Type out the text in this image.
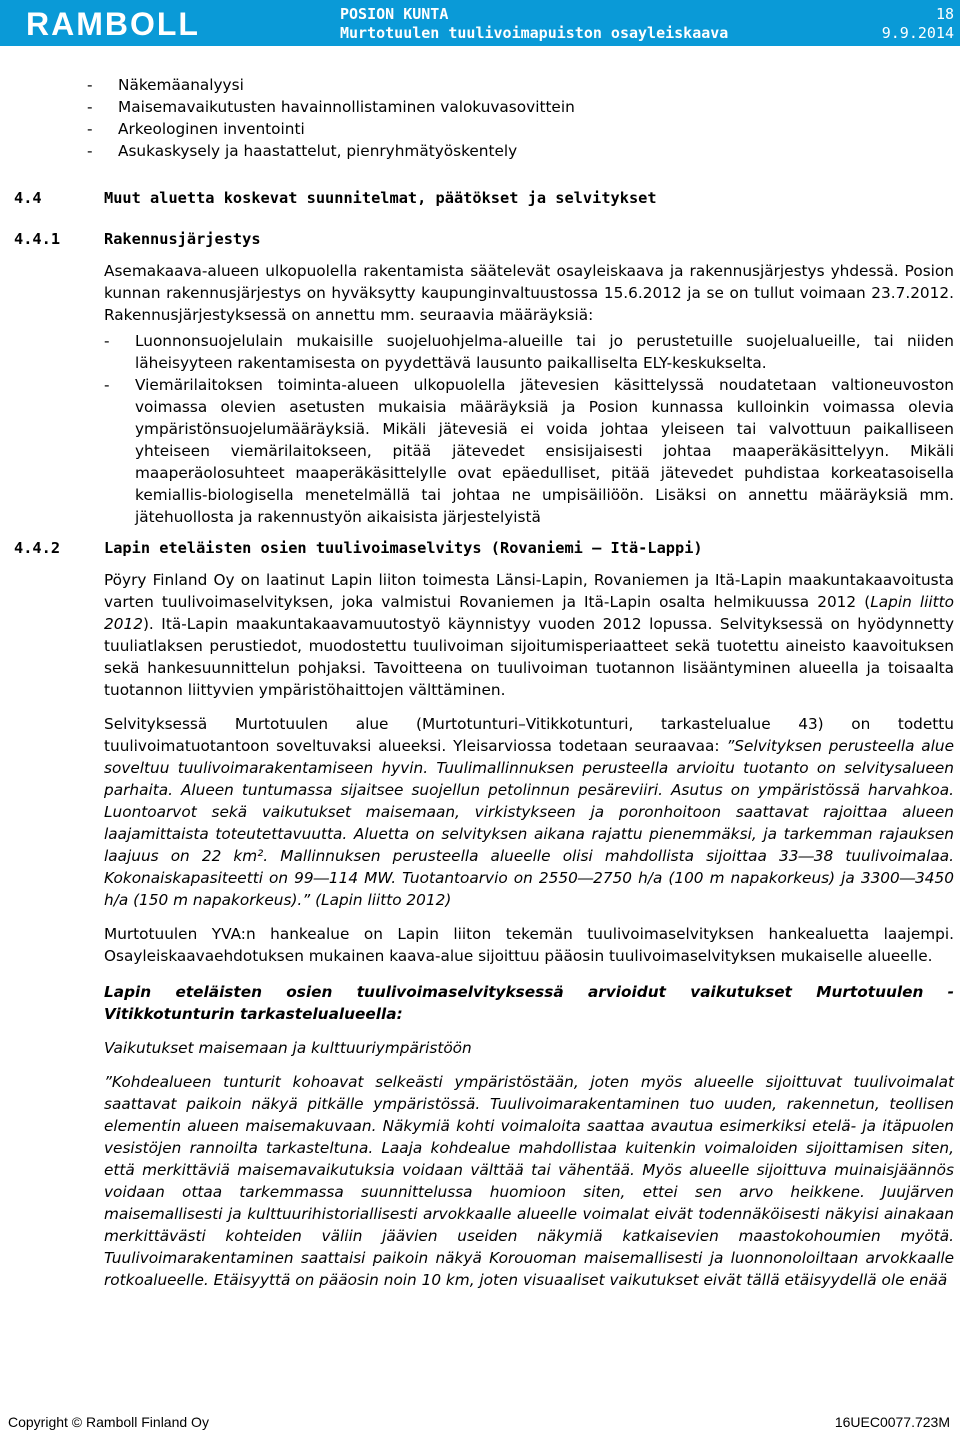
RAMBOLL	POSION KUNTA
Murtotuulen tuulivoimapuiston osayleiskaava
18
9.9.2014
-	Näkemäanalyysi
-	Maisemavaikutusten havainnollistaminen valokuvasovittein
-	Arkeologinen inventointi
-	Asukaskysely ja haastattelut, pienryhmätyöskentely
4.4	Muut aluetta koskevat suunnitelmat, päätökset ja selvitykset
4.4.1	Rakennusjärjestys

Asemakaava-alueen ulkopuolella rakentamista säätelevät osayleiskaava ja rakennusjärjestys yhdessä. Posion kunnan rakennusjärjestys on hyväksytty kaupunginvaltuustossa 15.6.2012 ja se on tullut voimaan 23.7.2012. Rakennusjärjestyksessä on annettu mm. seuraavia määräyksiä:

-	Luonnonsuojelulain mukaisille suojeluohjelma-alueille tai jo perustetuille suojelualueille, tai niiden läheisyyteen rakentamisesta on pyydettävä lausunto paikalliselta ELY-keskukselta.
-	Viemärilaitoksen toiminta-alueen ulkopuolella jätevesien käsittelyssä noudatetaan valtioneuvoston voimassa olevien asetusten mukaisia määräyksiä ja Posion kunnassa kulloinkin voimassa olevia ympäristönsuojelumääräyksiä. Mikäli jätevesiä ei voida johtaa yleiseen tai valvottuun paikalliseen yhteiseen viemärilaitokseen, pitää jätevedet ensisijaisesti johtaa maaperäkäsittelyyn. Mikäli maaperäolosuhteet maaperäkäsittelylle ovat epäedulliset, pitää jätevedet puhdistaa korkeatasoisella kemiallis-biologisella menetelmällä tai johtaa ne umpisäiliöön. Lisäksi on annettu määräyksiä mm. jätehuollosta ja rakennustyön aikaisista järjestelyistä
4.4.2	Lapin eteläisten osien tuulivoimaselvitys (Rovaniemi – Itä-Lappi)

Pöyry Finland Oy on laatinut Lapin liiton toimesta Länsi-Lapin, Rovaniemen ja Itä-Lapin maakuntakaavoitusta varten tuulivoimaselvityksen, joka valmistui Rovaniemen ja Itä-Lapin osalta helmikuussa 2012 (Lapin liitto 2012). Itä-Lapin maakuntakaavamuutostyö käynnistyy vuoden 2012 lopussa. Selvityksessä on hyödynnetty tuuliatlaksen perustiedot, muodostettu tuulivoiman sijoitumisperiaatteet sekä tuotettu aineisto kaavoituksen sekä hankesuunnittelun pohjaksi. Tavoitteena on tuulivoiman tuotannon lisääntyminen alueella ja toisaalta tuotannon liittyvien ympäristöhaittojen välttäminen.

Selvityksessä Murtotuulen alue (Murtotunturi–Vitikkotunturi, tarkastelualue 43) on todettu tuulivoimatuotantoon soveltuvaksi alueeksi. Yleisarviossa todetaan seuraavaa: ”Selvityksen perusteella alue soveltuu tuulivoimarakentamiseen hyvin. Tuulimallinnuksen perusteella arvioitu tuotanto on selvitysalueen parhaita. Alueen tuntumassa sijaitsee suojellun petolinnun pesäreviiri. Asutus on ympäristössä harvahkoa. Luontoarvot sekä vaikutukset maisemaan, virkistykseen ja poronhoitoon saattavat rajoittaa alueen laajamittaista toteutettavuutta. Aluetta on selvityksen aikana rajattu pienemmäksi, ja tarkemman rajauksen laajuus on 22 km². Mallinnuksen perusteella alueelle olisi mahdollista sijoittaa 33―38 tuulivoimalaa. Kokonaiskapasiteetti on 99―114 MW. Tuotantoarvio on 2550―2750 h/a (100 m napakorkeus) ja 3300―3450 h/a (150 m napakorkeus).” (Lapin liitto 2012)

Murtotuulen YVA:n hankealue on Lapin liiton tekemän tuulivoimaselvityksen hankealuetta laajempi. Osayleiskaavaehdotuksen mukainen kaava-alue sijoittuu pääosin tuulivoimaselvityksen mukaiselle alueelle.

Lapin eteläisten osien tuulivoimaselvityksessä arvioidut vaikutukset Murtotuulen - Vitikkotunturin tarkastelualueella:

Vaikutukset maisemaan ja kulttuuriympäristöön

”Kohdealueen tunturit kohoavat selkeästi ympäristöstään, joten myös alueelle sijoittuvat tuulivoimalat saattavat paikoin näkyä pitkälle ympäristössä. Tuulivoimarakentaminen tuo uuden, rakennetun, teollisen elementin alueen maisemakuvaan. Näkymiä kohti voimaloita saattaa avautua esimerkiksi etelä- ja itäpuolen vesistöjen rannoilta tarkasteltuna. Laaja kohdealue mahdollistaa kuitenkin voimaloiden sijoittamisen siten, että merkittäviä maisemavaikutuksia voidaan välttää tai vähentää. Myös alueelle sijoittuva muinaisjäännös voidaan ottaa tarkemmassa suunnittelussa huomioon siten, ettei sen arvo heikkene. Juujärven maisemallisesti ja kulttuurihistoriallisesti arvokkaalle alueelle voimalat eivät todennäköisesti näkyisi ainakaan merkittävästi kohteiden väliin jäävien useiden näkymiä katkaisevien maastokohoumien myötä. Tuulivoimarakentaminen saattaisi paikoin näkyä Korouoman maisemallisesti ja luonnonoloiltaan arvokkaalle rotkoalueelle. Etäisyyttä on pääosin noin 10 km, joten visuaaliset vaikutukset eivät tällä etäisyydellä ole enää

Copyright © Ramboll Finland Oy	16UEC0077.723M
